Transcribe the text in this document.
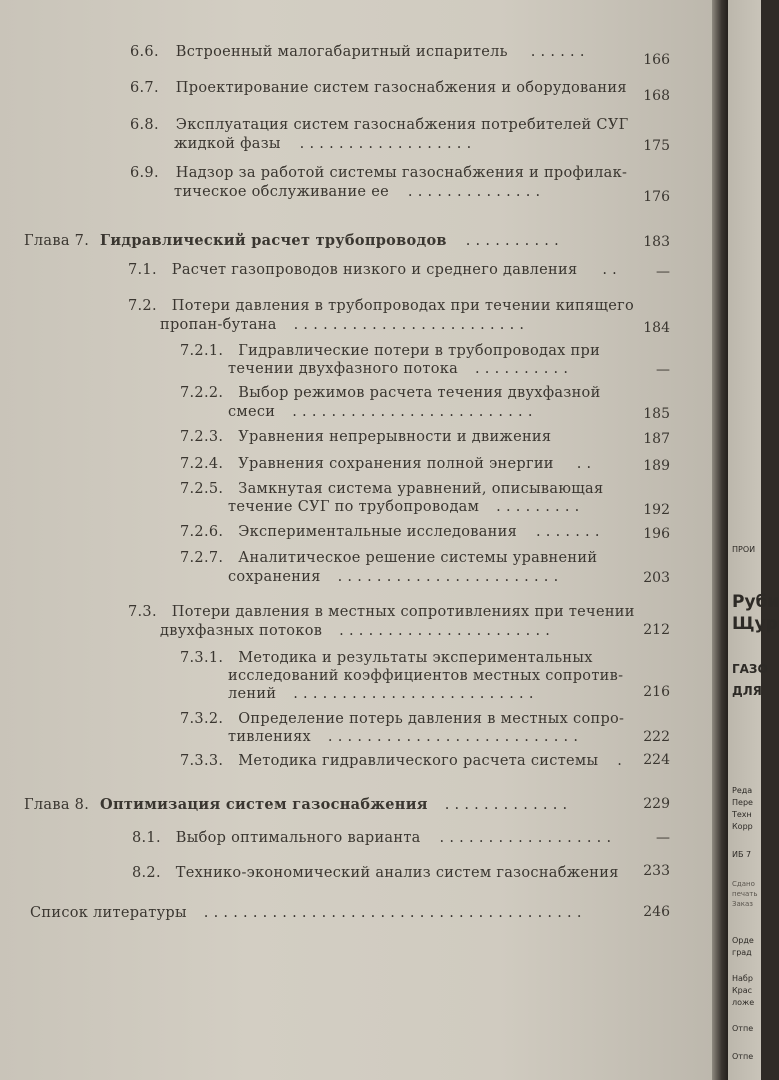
6.6. Встроенный малогабаритный испаритель . . . . . .	166
6.7. Проектирование систем газоснабжения и оборудования	168
6.8. Эксплуатация систем газоснабжения потребителей СУГ
жидкой фазы . . . . . . . . . . . . . . . . . .	175
6.9. Надзор за работой системы газоснабжения и профилак-
тическое обслуживание ее . . . . . . . . . . . . . .	176
Глава 7. Гидравлический расчет трубопроводов . . . . . . . . . .	183
7.1. Расчет газопроводов низкого и среднего давления . .	—
7.2. Потери давления в трубопроводах при течении кипящего
пропан-бутана . . . . . . . . . . . . . . . . . . . . . . . .	184
7.2.1. Гидравлические потери в трубопроводах при
течении двухфазного потока . . . . . . . . . .	—
7.2.2. Выбор режимов расчета течения двухфазной
смеси . . . . . . . . . . . . . . . . . . . . . . . . .	185
7.2.3. Уравнения непрерывности и движения	187
7.2.4. Уравнения сохранения полной энергии . .	189
7.2.5. Замкнутая система уравнений, описывающая
течение СУГ по трубопроводам . . . . . . . . .	192
7.2.6. Экспериментальные исследования . . . . . . .	196
7.2.7. Аналитическое решение системы уравнений
сохранения . . . . . . . . . . . . . . . . . . . . . . .	203
7.3. Потери давления в местных сопротивлениях при течении
двухфазных потоков . . . . . . . . . . . . . . . . . . . . . .	212
7.3.1. Методика и результаты экспериментальных
исследований коэффициентов местных сопротив-
лений . . . . . . . . . . . . . . . . . . . . . . . . .	216
7.3.2. Определение потерь давления в местных сопро-
тивлениях . . . . . . . . . . . . . . . . . . . . . . . . . .	222
7.3.3. Методика гидравлического расчета системы .	224
Глава 8. Оптимизация систем газоснабжения . . . . . . . . . . . . .	229
8.1. Выбор оптимального варианта . . . . . . . . . . . . . . . . . .	—
8.2. Технико-экономический анализ систем газоснабжения	233
Список литературы . . . . . . . . . . . . . . . . . . . . . . . . . . . . . . . . . . . . . . .	246
ПРОИ
Руби
Щур
ГАЗО
ДЛЯ
Реда
Пере
Техн
Корр
ИБ 7
Сдано
печать
Заказ
Орде
град
Набр
Крас
ложе
Отпе
Отпе
